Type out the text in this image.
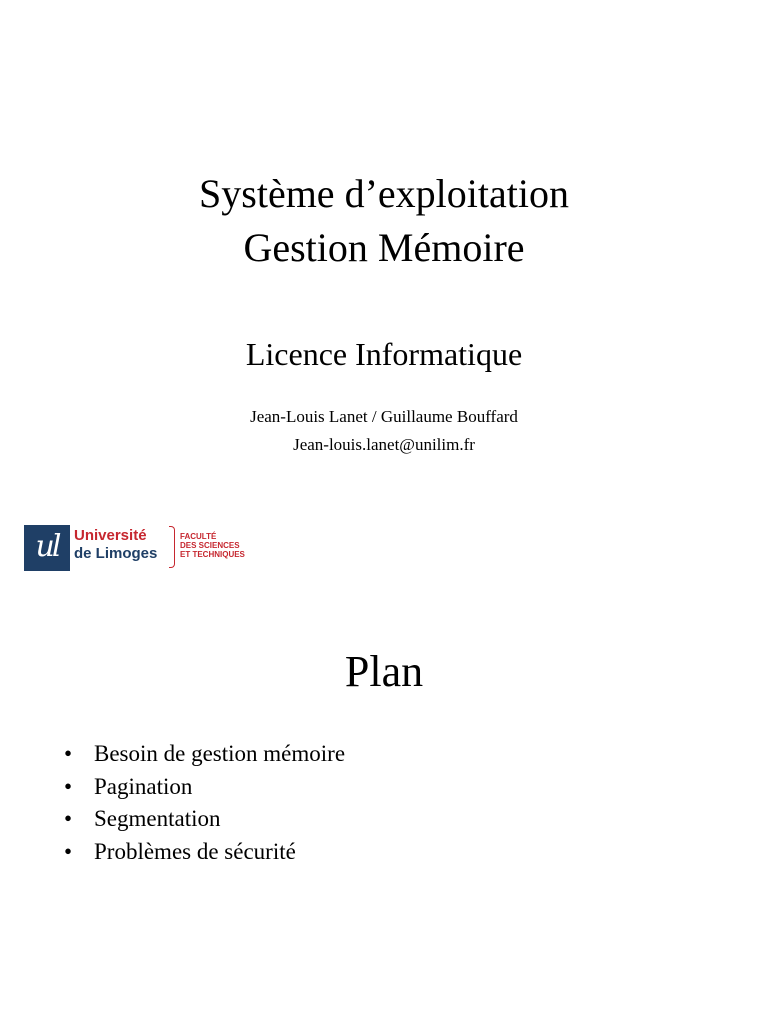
Système d’exploitation
Gestion Mémoire
Licence Informatique
Jean-Louis Lanet / Guillaume Bouffard
Jean-louis.lanet@unilim.fr
ul	Université
de Limoges
FACULTÉ
DES SCIENCES
ET TECHNIQUES
Plan
• Besoin de gestion mémoire
• Pagination
• Segmentation
• Problèmes de sécurité
